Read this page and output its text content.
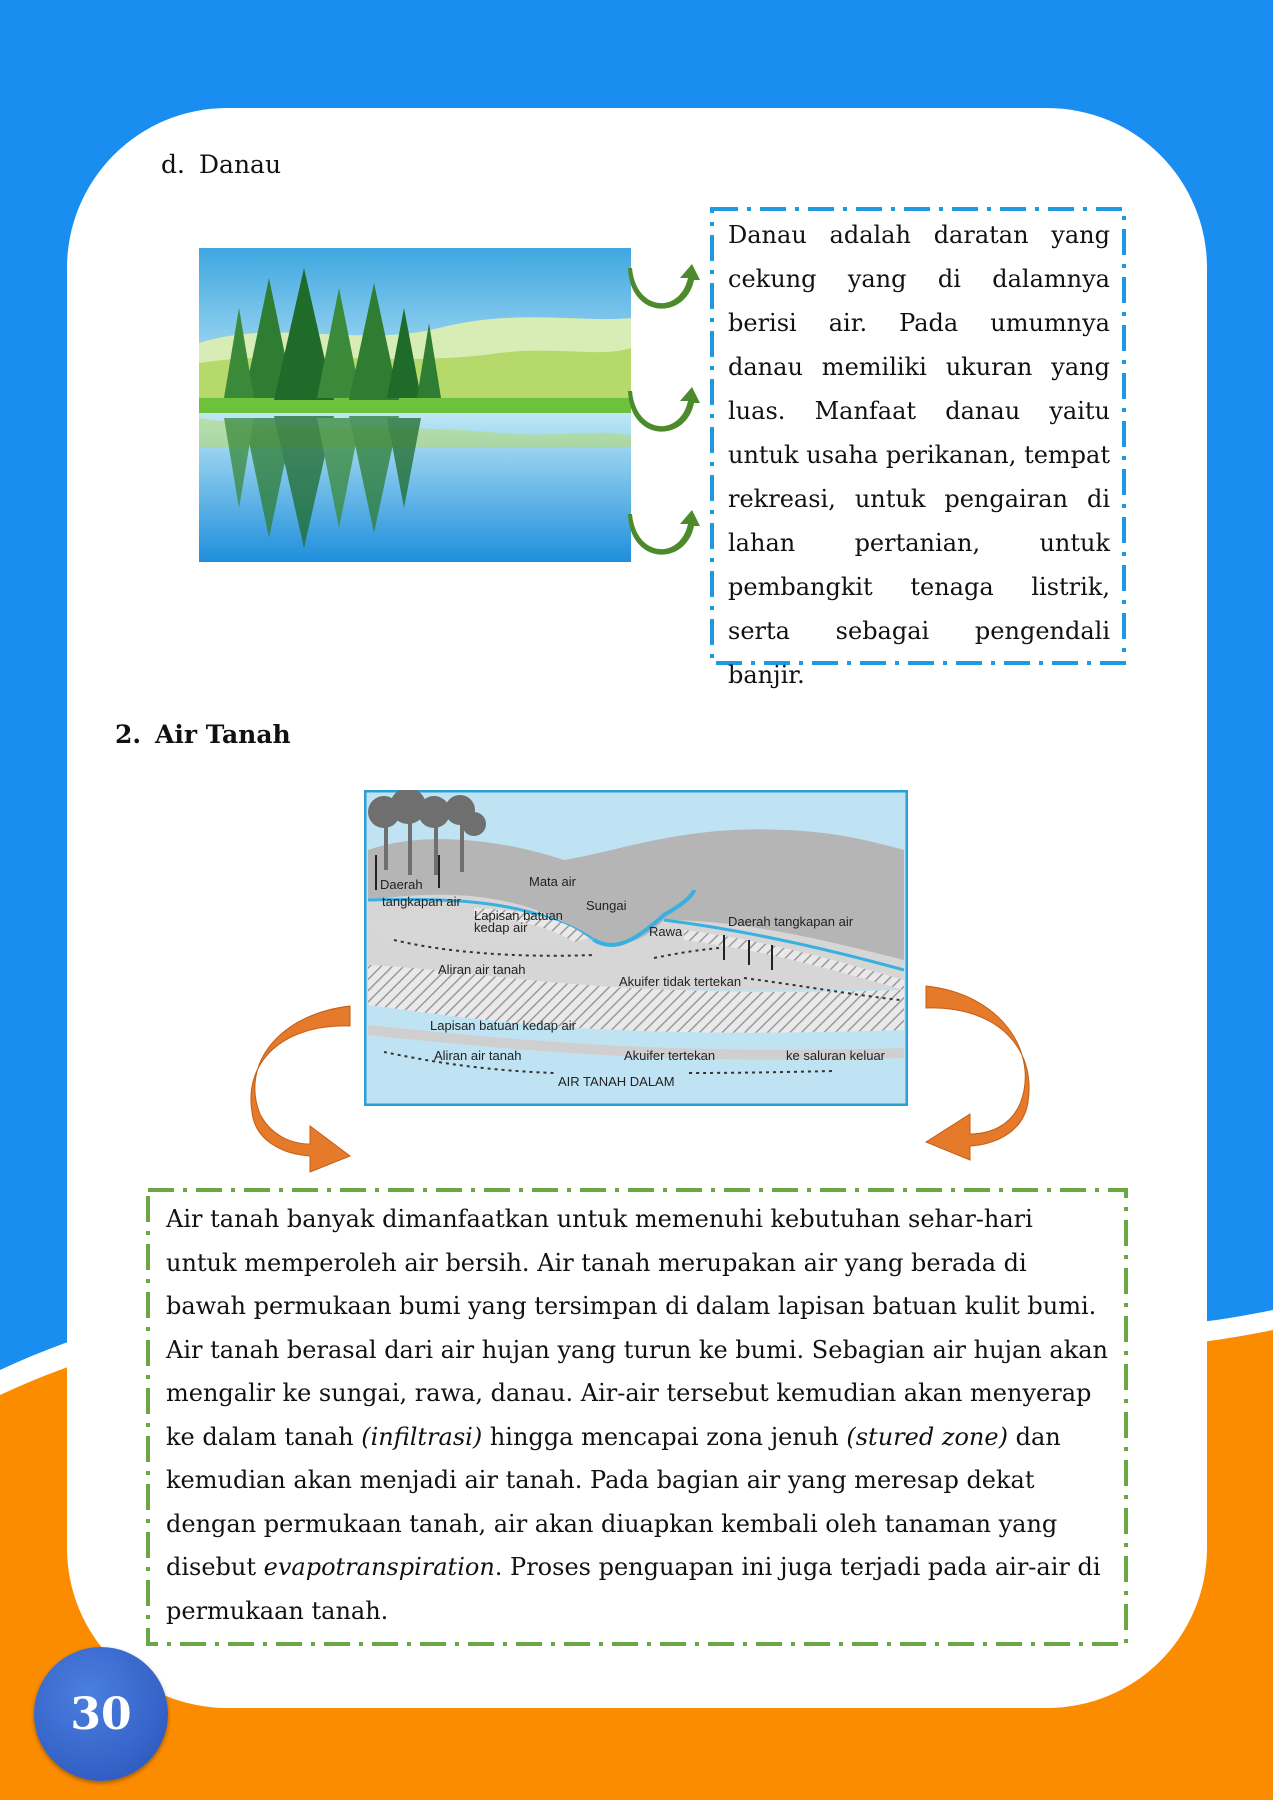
d. Danau

Danau adalah daratan yang cekung yang di dalamnya berisi air. Pada umumnya danau memiliki ukuran yang luas. Manfaat danau yaitu untuk usaha perikanan, tempat rekreasi, untuk pengairan di lahan pertanian, untuk pembangkit tenaga listrik, serta sebagai pengendali banjir.

2. Air Tanah
Mata air
Daerah
tangkapan air	Sungai
Lapisan batuan
kedap air	Rawa
Daerah tangkapan air
Aliran air tanah
Akuifer tidak tertekan
Lapisan batuan kedap air
Aliran air tanah	Akuifer tertekan	ke saluran keluar
AIR TANAH DALAM

Air tanah banyak dimanfaatkan untuk memenuhi kebutuhan sehar-hari untuk memperoleh air bersih. Air tanah merupakan air yang berada di bawah permukaan bumi yang tersimpan di dalam lapisan batuan kulit bumi. Air tanah berasal dari air hujan yang turun ke bumi. Sebagian air hujan akan mengalir ke sungai, rawa, danau. Air-air tersebut kemudian akan menyerap ke dalam tanah (infiltrasi) hingga mencapai zona jenuh (stured zone) dan kemudian akan menjadi air tanah. Pada bagian air yang meresap dekat dengan permukaan tanah, air akan diuapkan kembali oleh tanaman yang disebut evapotranspiration. Proses penguapan ini juga terjadi pada air-air di permukaan tanah.

30
